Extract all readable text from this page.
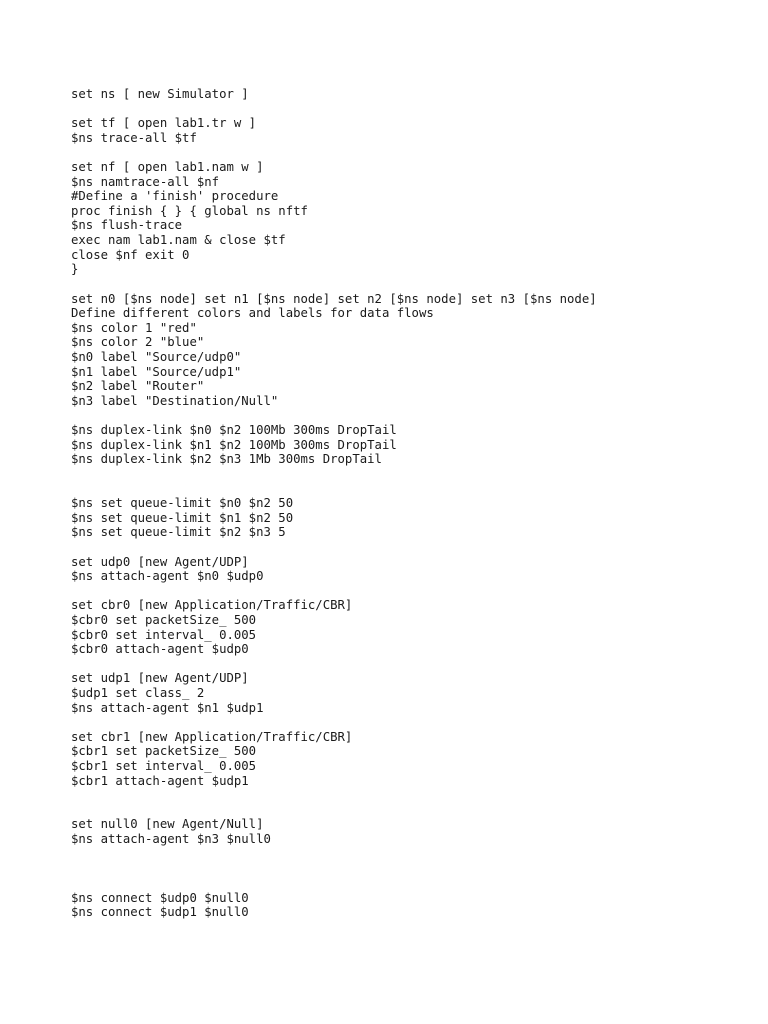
set ns [ new Simulator ]
set tf [ open lab1.tr w ]
$ns trace-all $tf
set nf [ open lab1.nam w ]
$ns namtrace-all $nf
#Define a 'finish' procedure
proc finish { } { global ns nftf
$ns flush-trace
exec nam lab1.nam & close $tf
close $nf exit 0
}
set n0 [$ns node] set n1 [$ns node] set n2 [$ns node] set n3 [$ns node]
Define different colors and labels for data flows
$ns color 1 "red"
$ns color 2 "blue"
$n0 label "Source/udp0"
$n1 label "Source/udp1"
$n2 label "Router"
$n3 label "Destination/Null"
$ns duplex-link $n0 $n2 100Mb 300ms DropTail
$ns duplex-link $n1 $n2 100Mb 300ms DropTail
$ns duplex-link $n2 $n3 1Mb 300ms DropTail
$ns set queue-limit $n0 $n2 50
$ns set queue-limit $n1 $n2 50
$ns set queue-limit $n2 $n3 5
set udp0 [new Agent/UDP]
$ns attach-agent $n0 $udp0
set cbr0 [new Application/Traffic/CBR]
$cbr0 set packetSize_ 500
$cbr0 set interval_ 0.005
$cbr0 attach-agent $udp0
set udp1 [new Agent/UDP]
$udp1 set class_ 2
$ns attach-agent $n1 $udp1
set cbr1 [new Application/Traffic/CBR]
$cbr1 set packetSize_ 500
$cbr1 set interval_ 0.005
$cbr1 attach-agent $udp1
set null0 [new Agent/Null]
$ns attach-agent $n3 $null0
$ns connect $udp0 $null0
$ns connect $udp1 $null0
